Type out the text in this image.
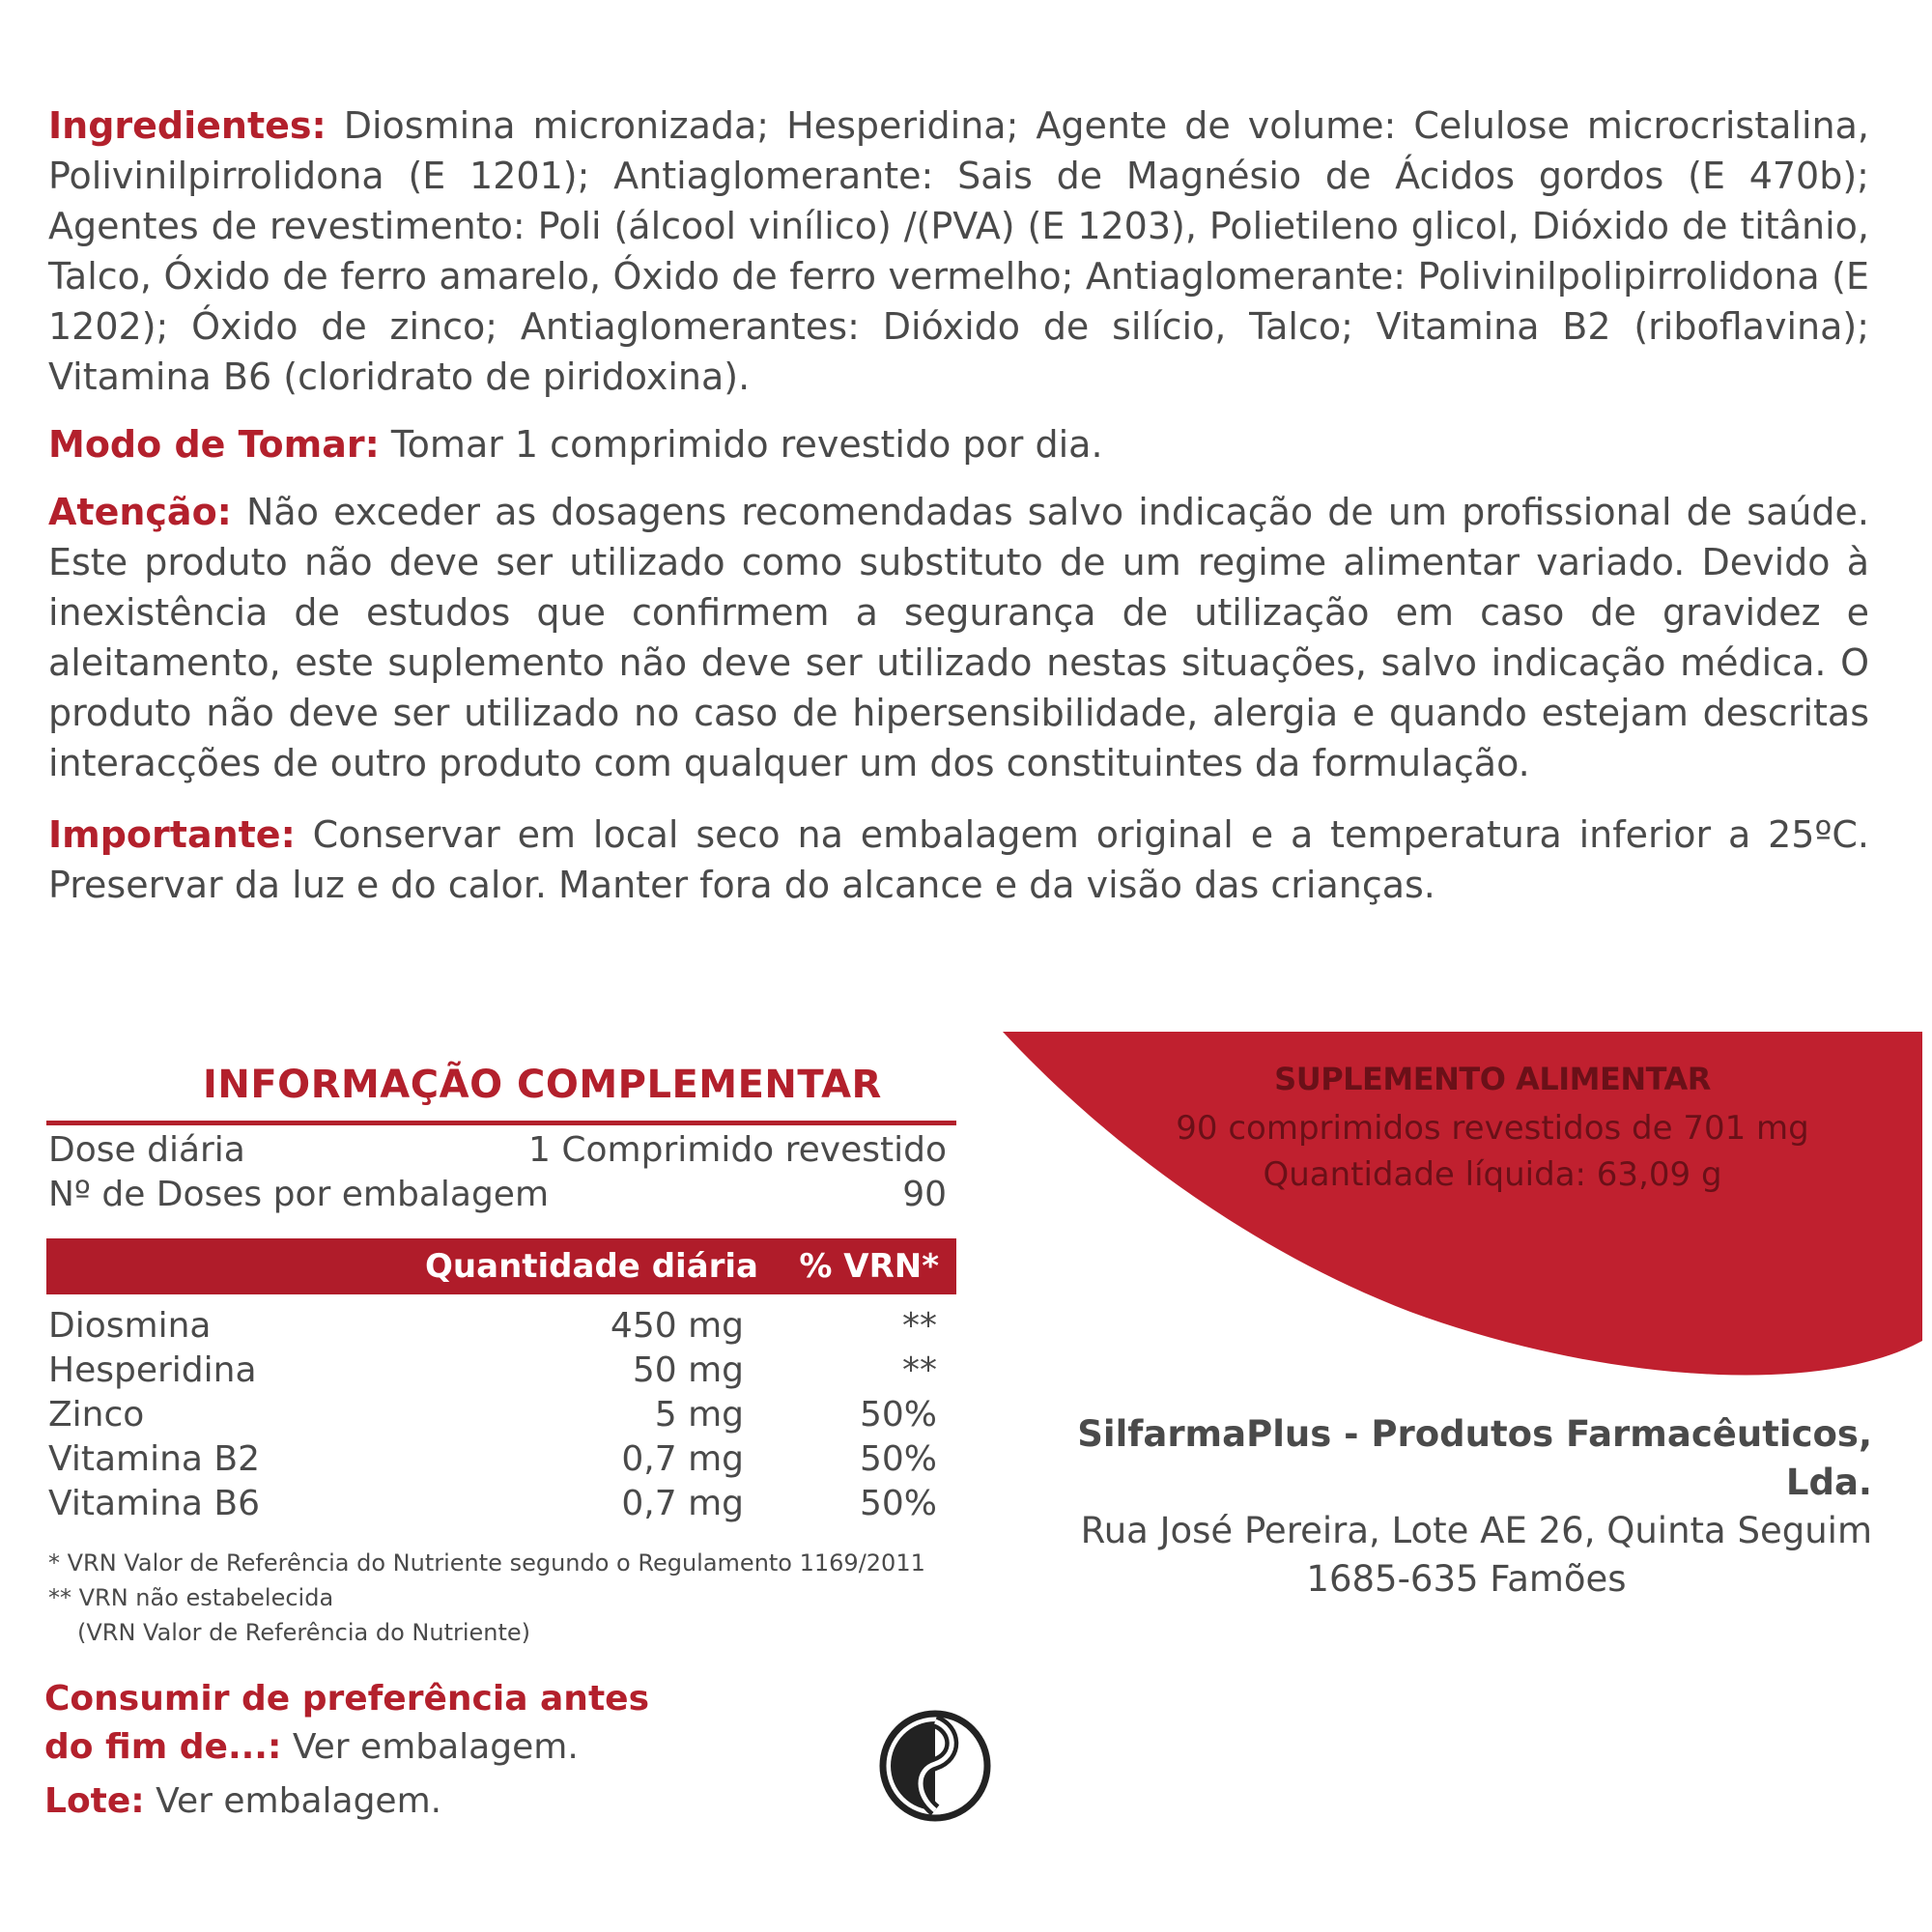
Ingredientes: Diosmina micronizada; Hesperidina; Agente de volume: Celulose microcristalina, Polivinilpirrolidona (E 1201); Antiaglomerante: Sais de Magnésio de Ácidos gordos (E 470b); Agentes de revestimento: Poli (álcool vinílico) /(PVA) (E 1203), Polietileno glicol, Dióxido de titânio, Talco, Óxido de ferro amarelo, Óxido de ferro vermelho; Antiaglomerante: Polivinilpolipirrolidona (E 1202); Óxido de zinco; Antiaglomerantes: Dióxido de silício, Talco; Vitamina B2 (riboflavina); Vitamina B6 (cloridrato de piridoxina).

Modo de Tomar: Tomar 1 comprimido revestido por dia.

Atenção: Não exceder as dosagens recomendadas salvo indicação de um profissional de saúde. Este produto não deve ser utilizado como substituto de um regime alimentar variado. Devido à inexistência de estudos que confirmem a segurança de utilização em caso de gravidez e aleitamento, este suplemento não deve ser utilizado nestas situações, salvo indicação médica. O produto não deve ser utilizado no caso de hipersensibilidade, alergia e quando estejam descritas interacções de outro produto com qualquer um dos constituintes da formulação.

Importante: Conservar em local seco na embalagem original e a temperatura inferior a 25ºC. Preservar da luz e do calor. Manter fora do alcance e da visão das crianças.

INFORMAÇÃO COMPLEMENTAR
Dose diária	1 Comprimido revestido
Nº de Doses por embalagem	90
Quantidade diária % VRN*
Diosmina	450 mg	**
Hesperidina	50 mg	**
Zinco	5 mg	50%
Vitamina B2	0,7 mg	50%
Vitamina B6	0,7 mg	50%
* VRN Valor de Referência do Nutriente segundo o Regulamento 1169/2011
** VRN não estabelecida
(VRN Valor de Referência do Nutriente)
Consumir de preferência antes
do fim de...: Ver embalagem.
Lote: Ver embalagem.
SUPLEMENTO ALIMENTAR
90 comprimidos revestidos de 701 mg
Quantidade líquida: 63,09 g
SilfarmaPlus - Produtos Farmacêuticos, Lda.
Rua José Pereira, Lote AE 26, Quinta Seguim
1685-635 Famões
